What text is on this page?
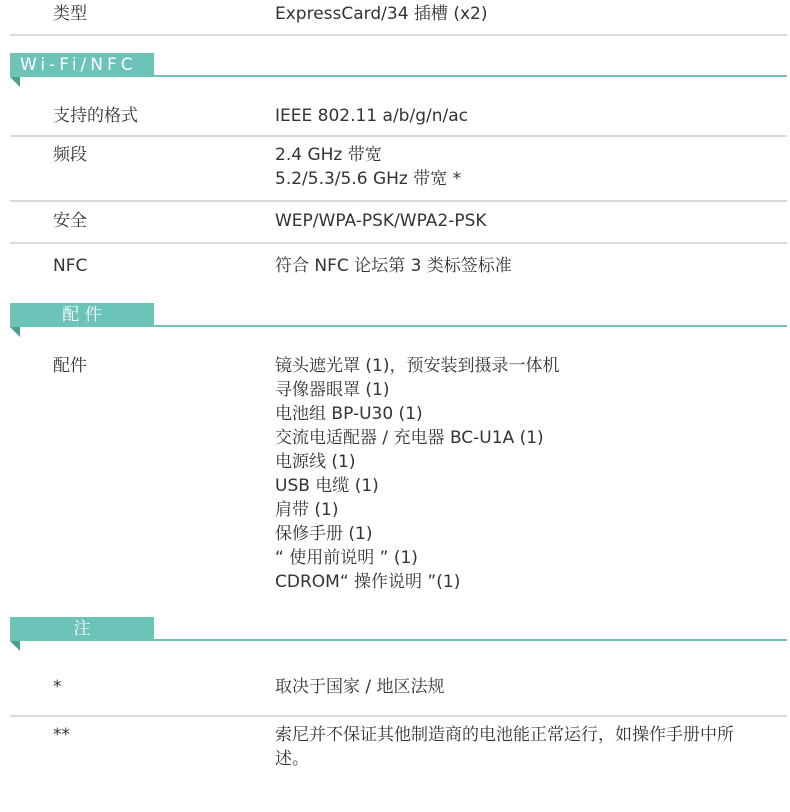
类型	ExpressCard/34 插槽 (x2)
Wi-Fi/NFC
支持的格式	IEEE 802.11 a/b/g/n/ac
频段	2.4 GHz 带宽
5.2/5.3/5.6 GHz 带宽 *
安全	WEP/WPA-PSK/WPA2-PSK
NFC	符合 NFC 论坛第 3 类标签标准
配 件
配件	镜头遮光罩 (1)，预安装到摄录一体机
寻像器眼罩 (1)
电池组 BP-U30 (1)
交流电适配器 / 充电器 BC-U1A (1)
电源线 (1)
USB 电缆 (1)
肩带 (1)
保修手册 (1)
“ 使用前说明 ” (1)
CDROM“ 操作说明 ”(1)
注
*	取决于国家 / 地区法规
**	索尼并不保证其他制造商的电池能正常运行，如操作手册中所述。
